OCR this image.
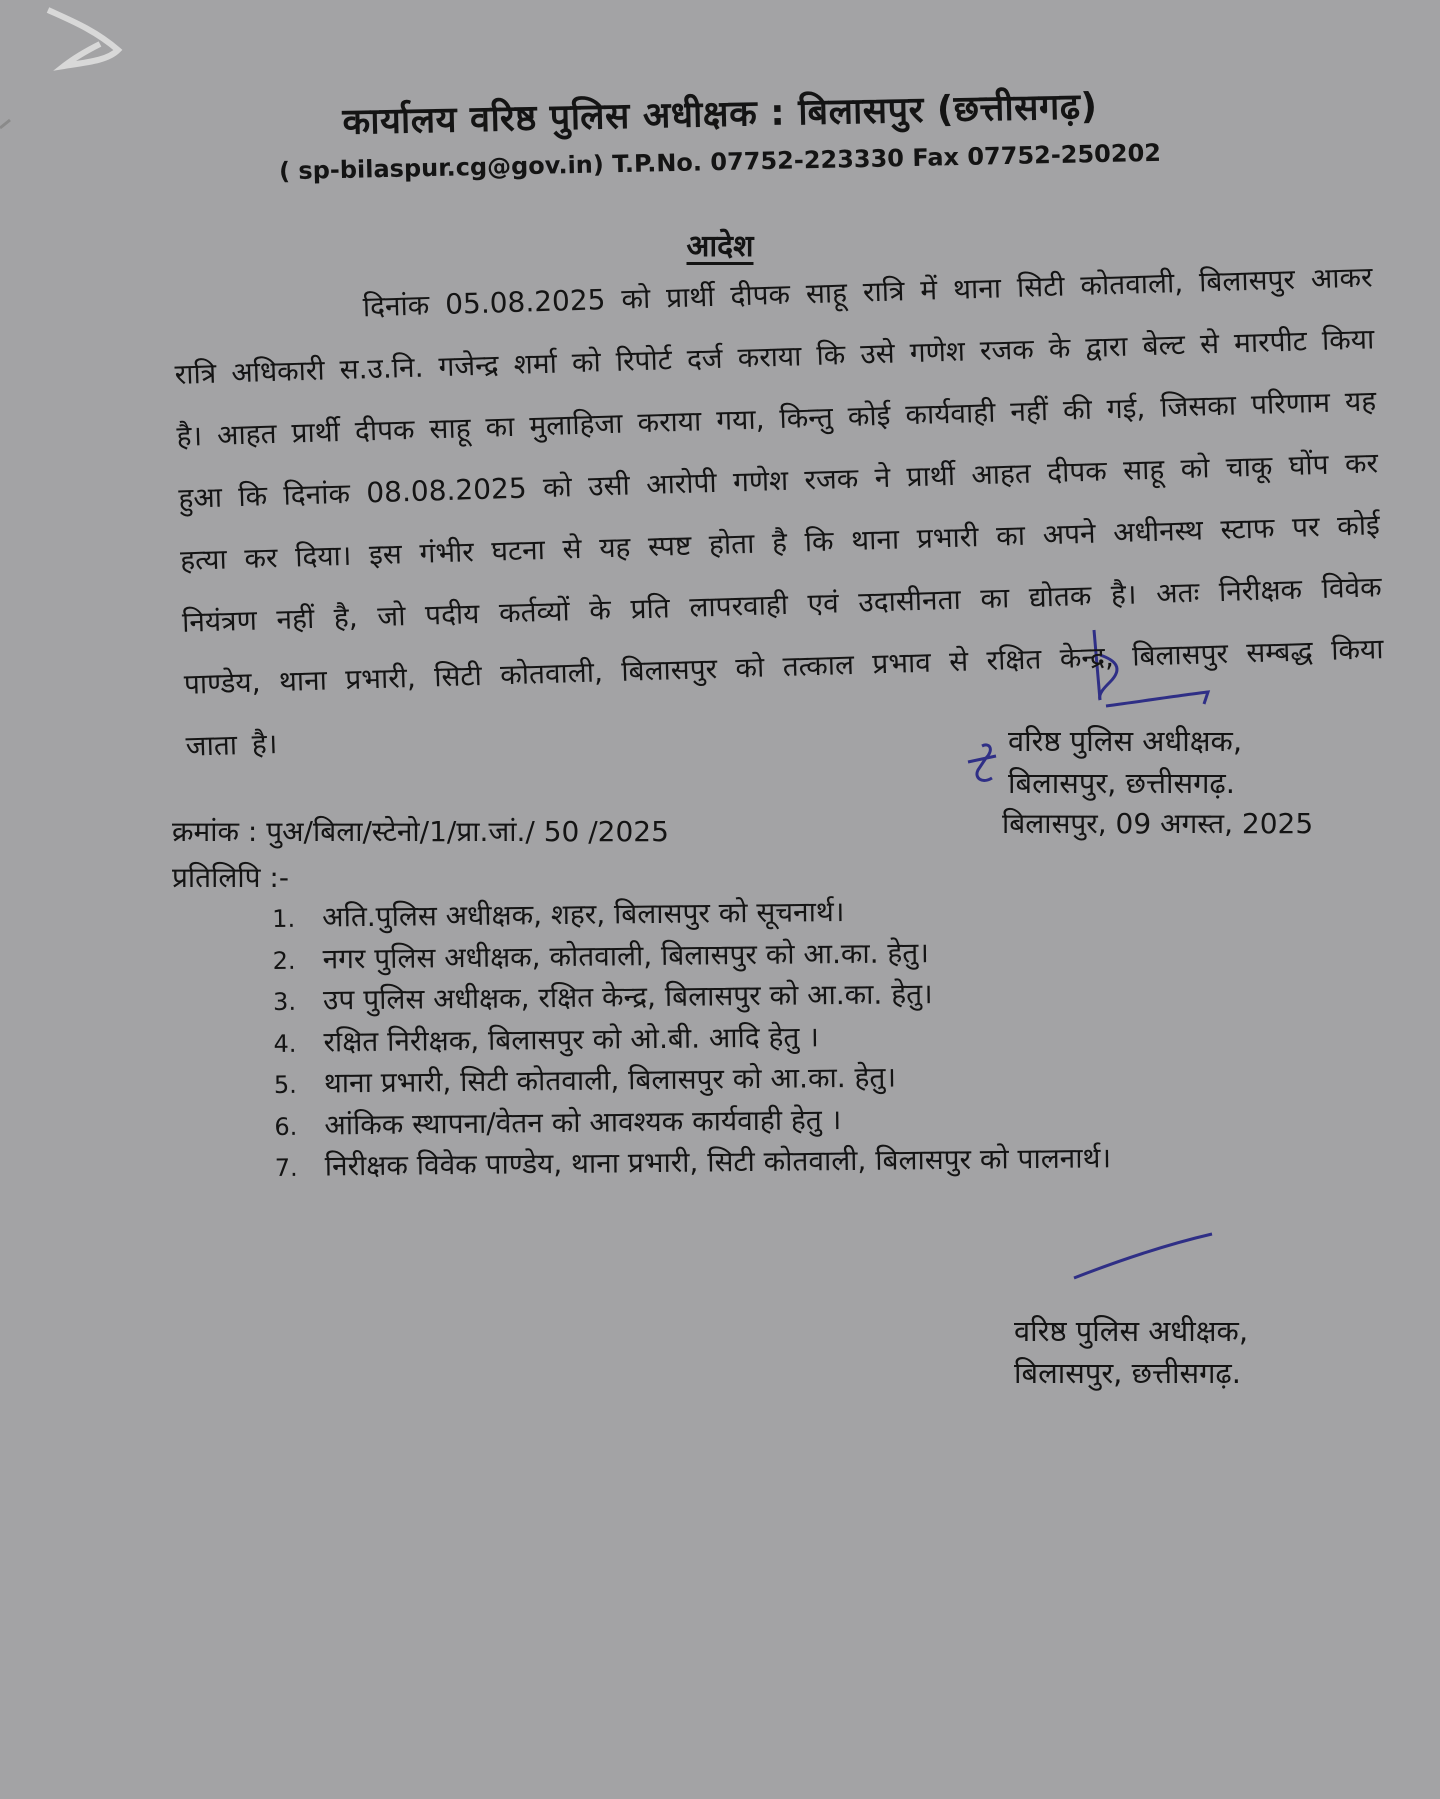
कार्यालय वरिष्ठ पुलिस अधीक्षक : बिलासपुर (छत्तीसगढ़)
( sp-bilaspur.cg@gov.in) T.P.No. 07752-223330 Fax 07752-250202
आदेश
दिनांक 05.08.2025 को प्रार्थी दीपक साहू रात्रि में थाना सिटी कोतवाली, बिलासपुर आकर रात्रि अधिकारी स.उ.नि. गजेन्द्र शर्मा को रिपोर्ट दर्ज कराया कि उसे गणेश रजक के द्वारा बेल्ट से मारपीट किया है। आहत प्रार्थी दीपक साहू का मुलाहिजा कराया गया, किन्तु कोई कार्यवाही नहीं की गई, जिसका परिणाम यह हुआ कि दिनांक 08.08.2025 को उसी आरोपी गणेश रजक ने प्रार्थी आहत दीपक साहू को चाकू घोंप कर हत्या कर दिया। इस गंभीर घटना से यह स्पष्ट होता है कि थाना प्रभारी का अपने अधीनस्थ स्टाफ पर कोई नियंत्रण नहीं है, जो पदीय कर्तव्यों के प्रति लापरवाही एवं उदासीनता का द्योतक है। अतः निरीक्षक विवेक पाण्डेय, थाना प्रभारी, सिटी कोतवाली, बिलासपुर को तत्काल प्रभाव से रक्षित केन्द्र, बिलासपुर सम्बद्ध किया जाता है।	वरिष्ठ पुलिस अधीक्षक,
बिलासपुर, छत्तीसगढ़.
बिलासपुर, 09 अगस्त, 2025
क्रमांक : पुअ/बिला/स्टेनो/1/प्रा.जां./ 50 /2025
प्रतिलिपि :-
1. अति.पुलिस अधीक्षक, शहर, बिलासपुर को सूचनार्थ।
2. नगर पुलिस अधीक्षक, कोतवाली, बिलासपुर को आ.का. हेतु।
3. उप पुलिस अधीक्षक, रक्षित केन्द्र, बिलासपुर को आ.का. हेतु।
4. रक्षित निरीक्षक, बिलासपुर को ओ.बी. आदि हेतु ।
5. थाना प्रभारी, सिटी कोतवाली, बिलासपुर को आ.का. हेतु।
6. आंकिक स्थापना/वेतन को आवश्यक कार्यवाही हेतु ।
7. निरीक्षक विवेक पाण्डेय, थाना प्रभारी, सिटी कोतवाली, बिलासपुर को पालनार्थ।
वरिष्ठ पुलिस अधीक्षक,
बिलासपुर, छत्तीसगढ़.
